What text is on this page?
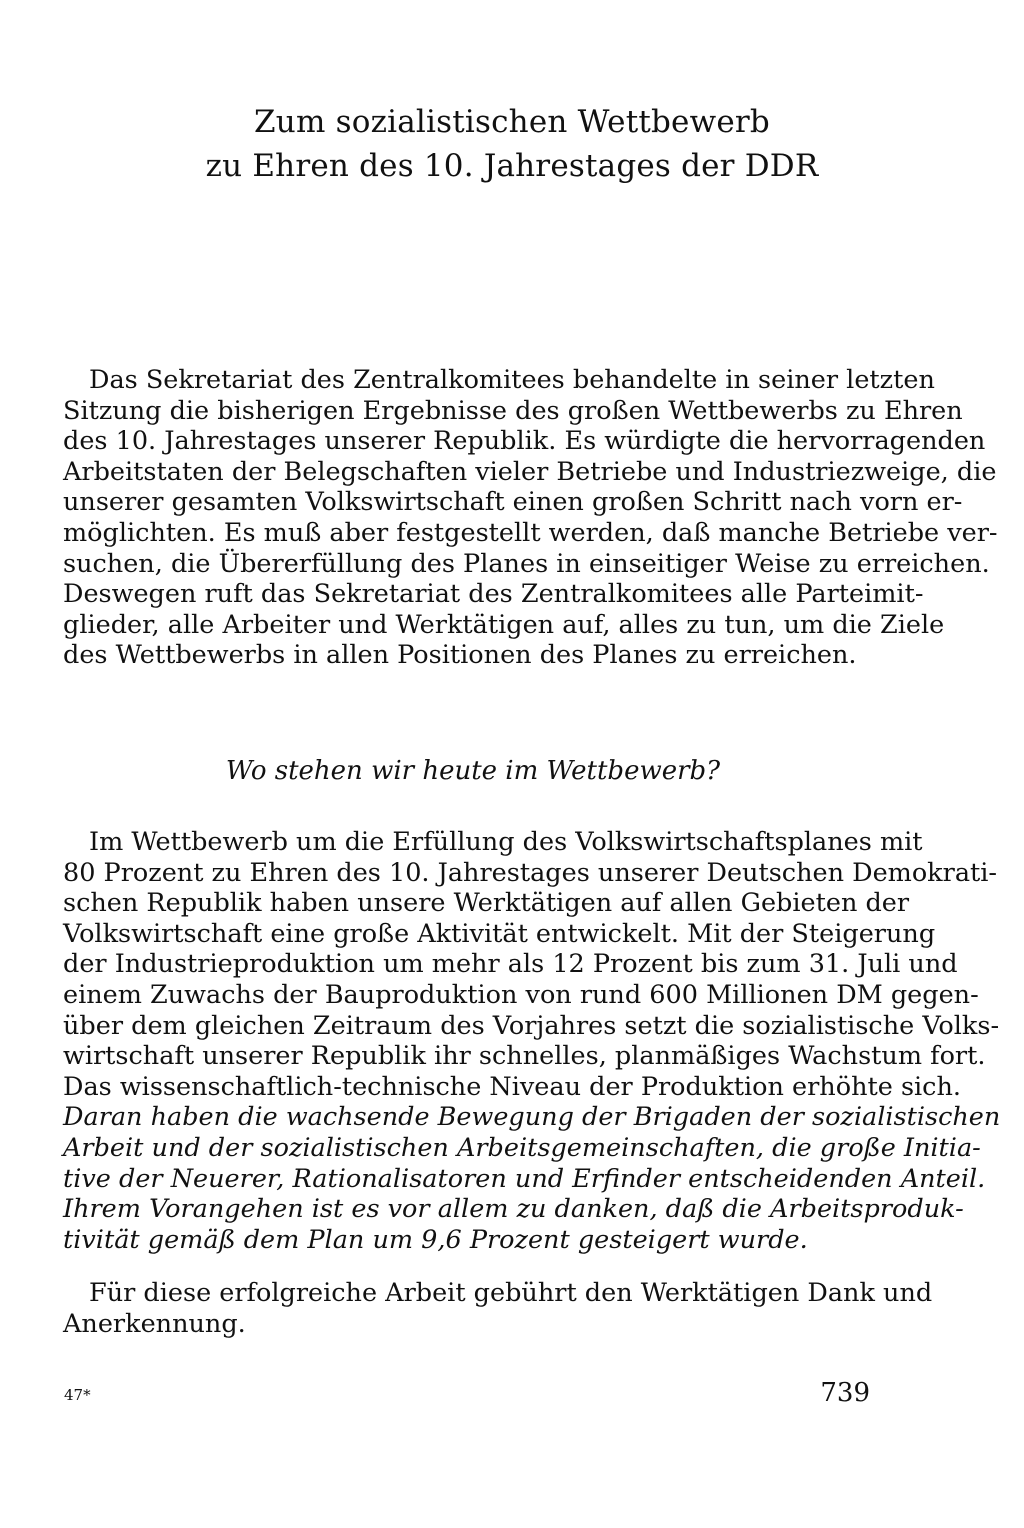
Zum sozialistischen Wettbewerb
zu Ehren des 10. Jahrestages der DDR
Das Sekretariat des Zentralkomitees behandelte in seiner letzten
Sitzung die bisherigen Ergebnisse des großen Wettbewerbs zu Ehren
des 10. Jahrestages unserer Republik. Es würdigte die hervorragenden
Arbeitstaten der Belegschaften vieler Betriebe und Industriezweige, die
unserer gesamten Volkswirtschaft einen großen Schritt nach vorn er-
möglichten. Es muß aber festgestellt werden, daß manche Betriebe ver-
suchen, die Übererfüllung des Planes in einseitiger Weise zu erreichen.
Deswegen ruft das Sekretariat des Zentralkomitees alle Parteimit-
glieder, alle Arbeiter und Werktätigen auf, alles zu tun, um die Ziele
des Wettbewerbs in allen Positionen des Planes zu erreichen.
Wo stehen wir heute im Wettbewerb?
Im Wettbewerb um die Erfüllung des Volkswirtschaftsplanes mit
80 Prozent zu Ehren des 10. Jahrestages unserer Deutschen Demokrati-
schen Republik haben unsere Werktätigen auf allen Gebieten der
Volkswirtschaft eine große Aktivität entwickelt. Mit der Steigerung
der Industrieproduktion um mehr als 12 Prozent bis zum 31. Juli und
einem Zuwachs der Bauproduktion von rund 600 Millionen DM gegen-
über dem gleichen Zeitraum des Vorjahres setzt die sozialistische Volks-
wirtschaft unserer Republik ihr schnelles, planmäßiges Wachstum fort.
Das wissenschaftlich-technische Niveau der Produktion erhöhte sich.
Daran haben die wachsende Bewegung der Brigaden der sozialistischen
Arbeit und der sozialistischen Arbeitsgemeinschaften, die große Initia-
tive der Neuerer, Rationalisatoren und Erfinder entscheidenden Anteil.
Ihrem Vorangehen ist es vor allem zu danken, daß die Arbeitsproduk-
tivität gemäß dem Plan um 9,6 Prozent gesteigert wurde.
Für diese erfolgreiche Arbeit gebührt den Werktätigen Dank und
Anerkennung.
47*	739
